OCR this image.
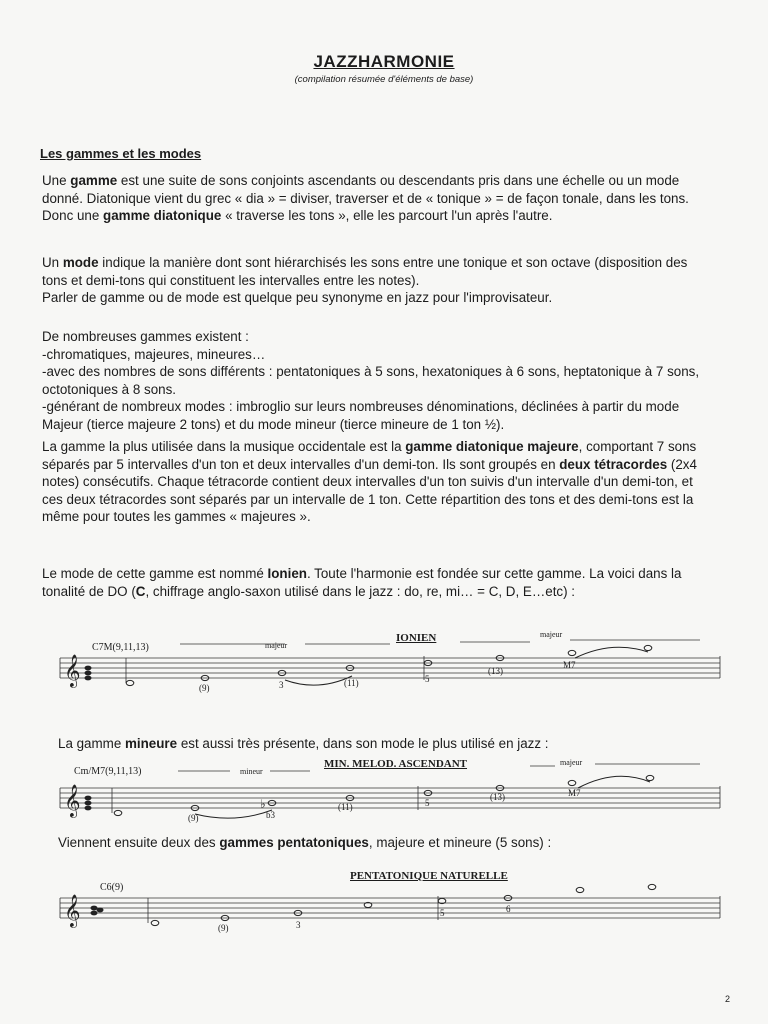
JAZZHARMONIE
(compilation résumée d'éléments de base)
Les gammes et les modes

Une gamme est une suite de sons conjoints ascendants ou descendants pris dans une échelle ou un mode donné. Diatonique vient du grec « dia » = diviser, traverser et de « tonique » = de façon tonale, dans les tons. Donc une gamme diatonique « traverse les tons », elle les parcourt l'un après l'autre.

Un mode indique la manière dont sont hiérarchisés les sons entre une tonique et son octave (disposition des tons et demi-tons qui constituent les intervalles entre les notes).

Parler de gamme ou de mode est quelque peu synonyme en jazz pour l'improvisateur.

De nombreuses gammes existent :

-chromatiques, majeures, mineures…

-avec des nombres de sons différents : pentatoniques à 5 sons, hexatoniques à 6 sons, heptatonique à 7 sons, octotoniques à 8 sons.

-générant de nombreux modes : imbroglio sur leurs nombreuses dénominations, déclinées à partir du mode Majeur (tierce majeure 2 tons) et du mode mineur (tierce mineure de 1 ton ½).

La gamme la plus utilisée dans la musique occidentale est la gamme diatonique majeure, comportant 7 sons séparés par 5 intervalles d'un ton et deux intervalles d'un demi-ton. Ils sont groupés en deux tétracordes (2x4 notes) consécutifs. Chaque tétracorde contient deux intervalles d'un ton suivis d'un intervalle d'un demi-ton, et ces deux tétracordes sont séparés par un intervalle de 1 ton. Cette répartition des tons et des demi-tons est la même pour toutes les gammes « majeures ».

Le mode de cette gamme est nommé Ionien. Toute l'harmonie est fondée sur cette gamme. La voici dans la tonalité de DO (C, chiffrage anglo-saxon utilisé dans le jazz : do, re, mi… = C, D, E…etc) :

C7M(9,11,13)	majeur
IONIEN	majeur
𝄞
(9)	3	(11)	5
(13)
M7
La gamme mineure est aussi très présente, dans son mode le plus utilisé en jazz :
Cm/M7(9,11,13)	mineur
MIN. MELOD. ASCENDANT	majeur
𝄞	♭
(9)	b3
(11)	5
(13)	M7
Viennent ensuite deux des gammes pentatoniques, majeure et mineure (5 sons) :
C6(9)
PENTATONIQUE NATURELLE
𝄞
(9)	3
5	6
2
